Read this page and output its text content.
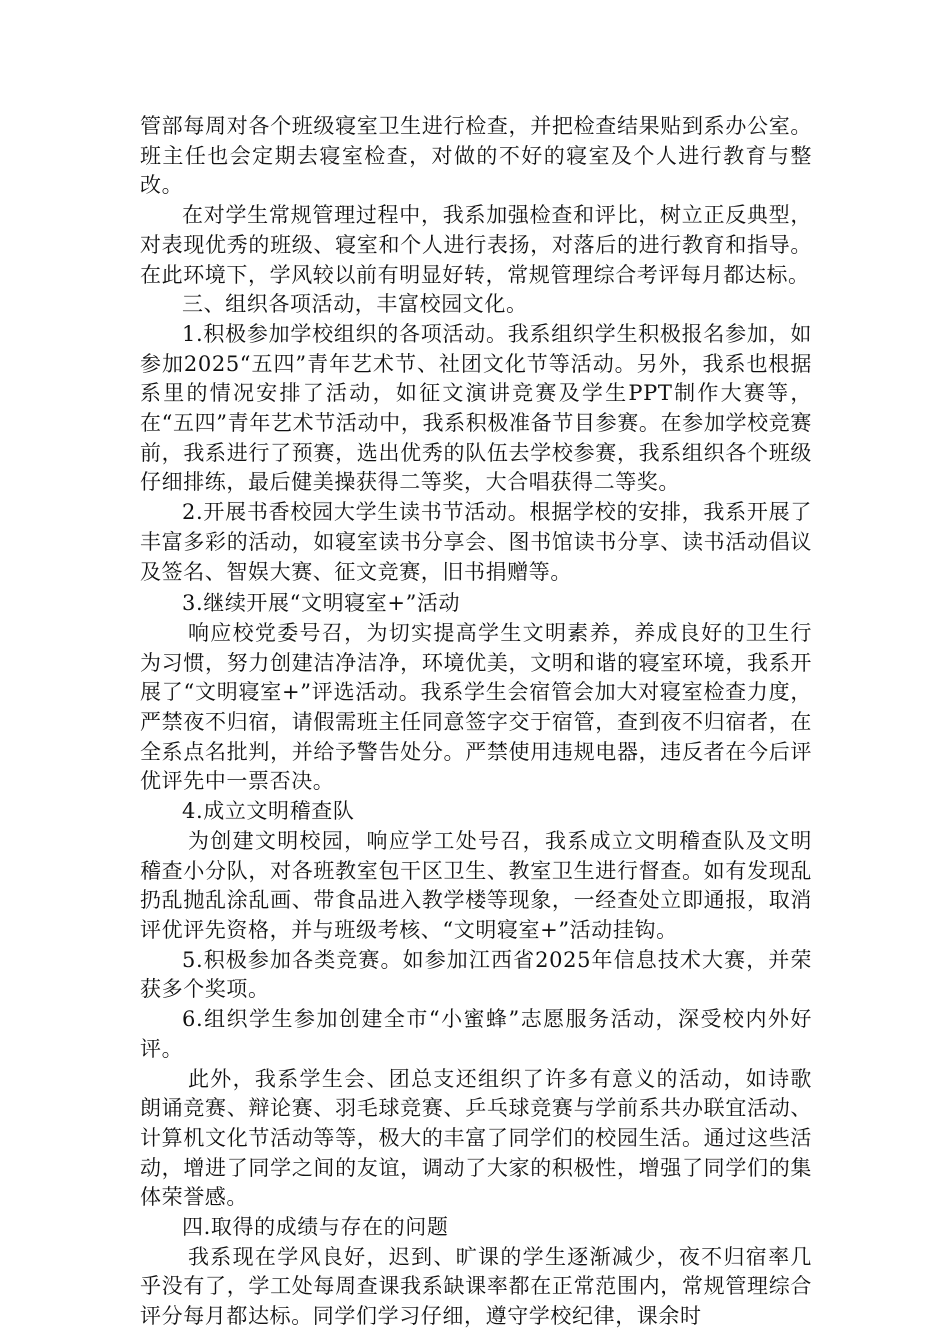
管部每周对各个班级寝室卫生进行检查，并把检查结果贴到系办公室。班主任也会定期去寝室检查，对做的不好的寝室及个人进行教育与整改。

在对学生常规管理过程中，我系加强检查和评比，树立正反典型，对表现优秀的班级、寝室和个人进行表扬，对落后的进行教育和指导。在此环境下，学风较以前有明显好转，常规管理综合考评每月都达标。

三、组织各项活动，丰富校园文化。

1.积极参加学校组织的各项活动。我系组织学生积极报名参加，如参加2025“五四”青年艺术节、社团文化节等活动。另外，我系也根据系里的情况安排了活动，如征文演讲竞赛及学生PPT制作大赛等，在“五四”青年艺术节活动中，我系积极准备节目参赛。在参加学校竞赛前，我系进行了预赛，选出优秀的队伍去学校参赛，我系组织各个班级仔细排练，最后健美操获得二等奖，大合唱获得二等奖。

2.开展书香校园大学生读书节活动。根据学校的安排，我系开展了丰富多彩的活动，如寝室读书分享会、图书馆读书分享、读书活动倡议及签名、智娱大赛、征文竞赛，旧书捐赠等。

3.继续开展“文明寝室+”活动

响应校党委号召，为切实提高学生文明素养，养成良好的卫生行为习惯，努力创建洁净洁净，环境优美，文明和谐的寝室环境，我系开展了“文明寝室+”评选活动。我系学生会宿管会加大对寝室检查力度，严禁夜不归宿，请假需班主任同意签字交于宿管，查到夜不归宿者，在全系点名批判，并给予警告处分。严禁使用违规电器，违反者在今后评优评先中一票否决。

4.成立文明稽查队

为创建文明校园，响应学工处号召，我系成立文明稽查队及文明稽查小分队，对各班教室包干区卫生、教室卫生进行督查。如有发现乱扔乱抛乱涂乱画、带食品进入教学楼等现象，一经查处立即通报，取消评优评先资格，并与班级考核、“文明寝室+”活动挂钩。

5.积极参加各类竞赛。如参加江西省2025年信息技术大赛，并荣获多个奖项。

6.组织学生参加创建全市“小蜜蜂”志愿服务活动，深受校内外好评。

此外，我系学生会、团总支还组织了许多有意义的活动，如诗歌朗诵竞赛、辩论赛、羽毛球竞赛、乒乓球竞赛与学前系共办联宜活动、计算机文化节活动等等，极大的丰富了同学们的校园生活。通过这些活动，增进了同学之间的友谊，调动了大家的积极性，增强了同学们的集体荣誉感。

四.取得的成绩与存在的问题

我系现在学风良好，迟到、旷课的学生逐渐减少，夜不归宿率几乎没有了，学工处每周查课我系缺课率都在正常范围内，常规管理综合评分每月都达标。同学们学习仔细，遵守学校纪律，课余时
